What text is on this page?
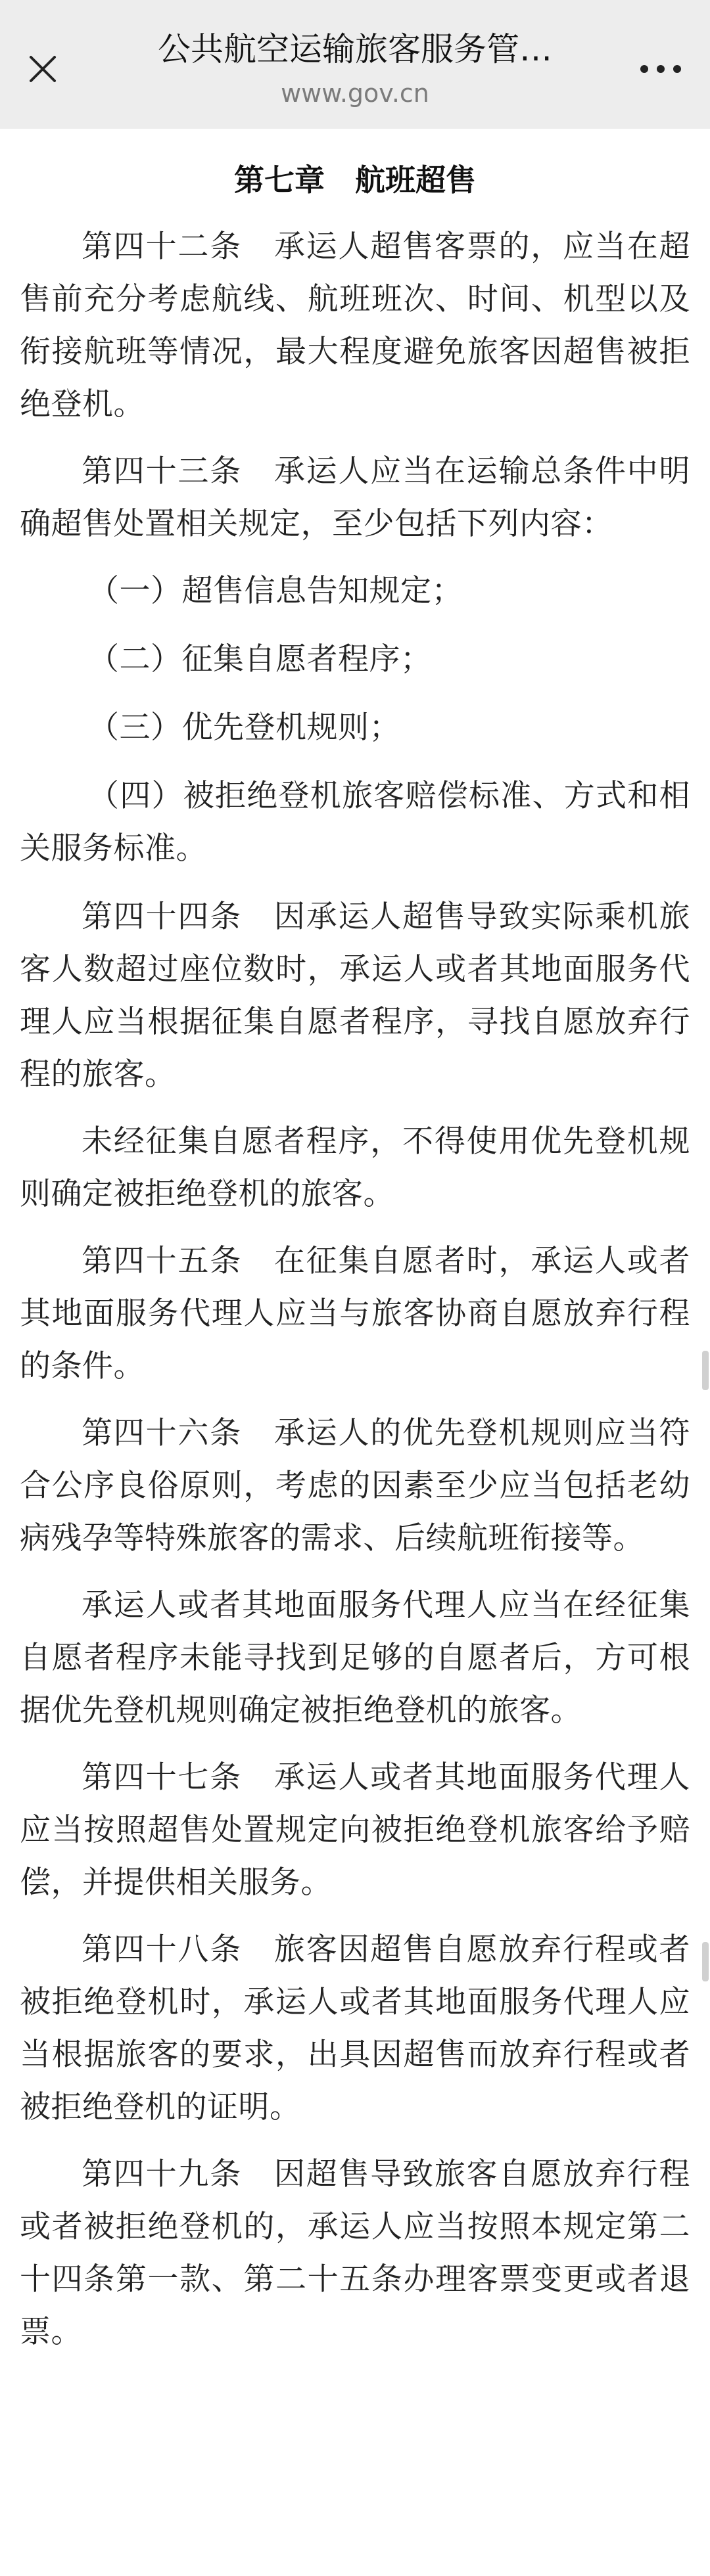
公共航空运输旅客服务管…
www.gov.cn
第七章　航班超售

第四十二条　承运人超售客票的，应当在超售前充分考虑航线、航班班次、时间、机型以及衔接航班等情况，最大程度避免旅客因超售被拒绝登机。

第四十三条　承运人应当在运输总条件中明确超售处置相关规定，至少包括下列内容：

（一）超售信息告知规定；

（二）征集自愿者程序；

（三）优先登机规则；

（四）被拒绝登机旅客赔偿标准、方式和相关服务标准。

第四十四条　因承运人超售导致实际乘机旅客人数超过座位数时，承运人或者其地面服务代理人应当根据征集自愿者程序，寻找自愿放弃行程的旅客。

未经征集自愿者程序，不得使用优先登机规则确定被拒绝登机的旅客。

第四十五条　在征集自愿者时，承运人或者其地面服务代理人应当与旅客协商自愿放弃行程的条件。

第四十六条　承运人的优先登机规则应当符合公序良俗原则，考虑的因素至少应当包括老幼病残孕等特殊旅客的需求、后续航班衔接等。

承运人或者其地面服务代理人应当在经征集自愿者程序未能寻找到足够的自愿者后，方可根据优先登机规则确定被拒绝登机的旅客。

第四十七条　承运人或者其地面服务代理人应当按照超售处置规定向被拒绝登机旅客给予赔偿，并提供相关服务。

第四十八条　旅客因超售自愿放弃行程或者被拒绝登机时，承运人或者其地面服务代理人应当根据旅客的要求，出具因超售而放弃行程或者被拒绝登机的证明。

第四十九条　因超售导致旅客自愿放弃行程或者被拒绝登机的，承运人应当按照本规定第二十四条第一款、第二十五条办理客票变更或者退票。
